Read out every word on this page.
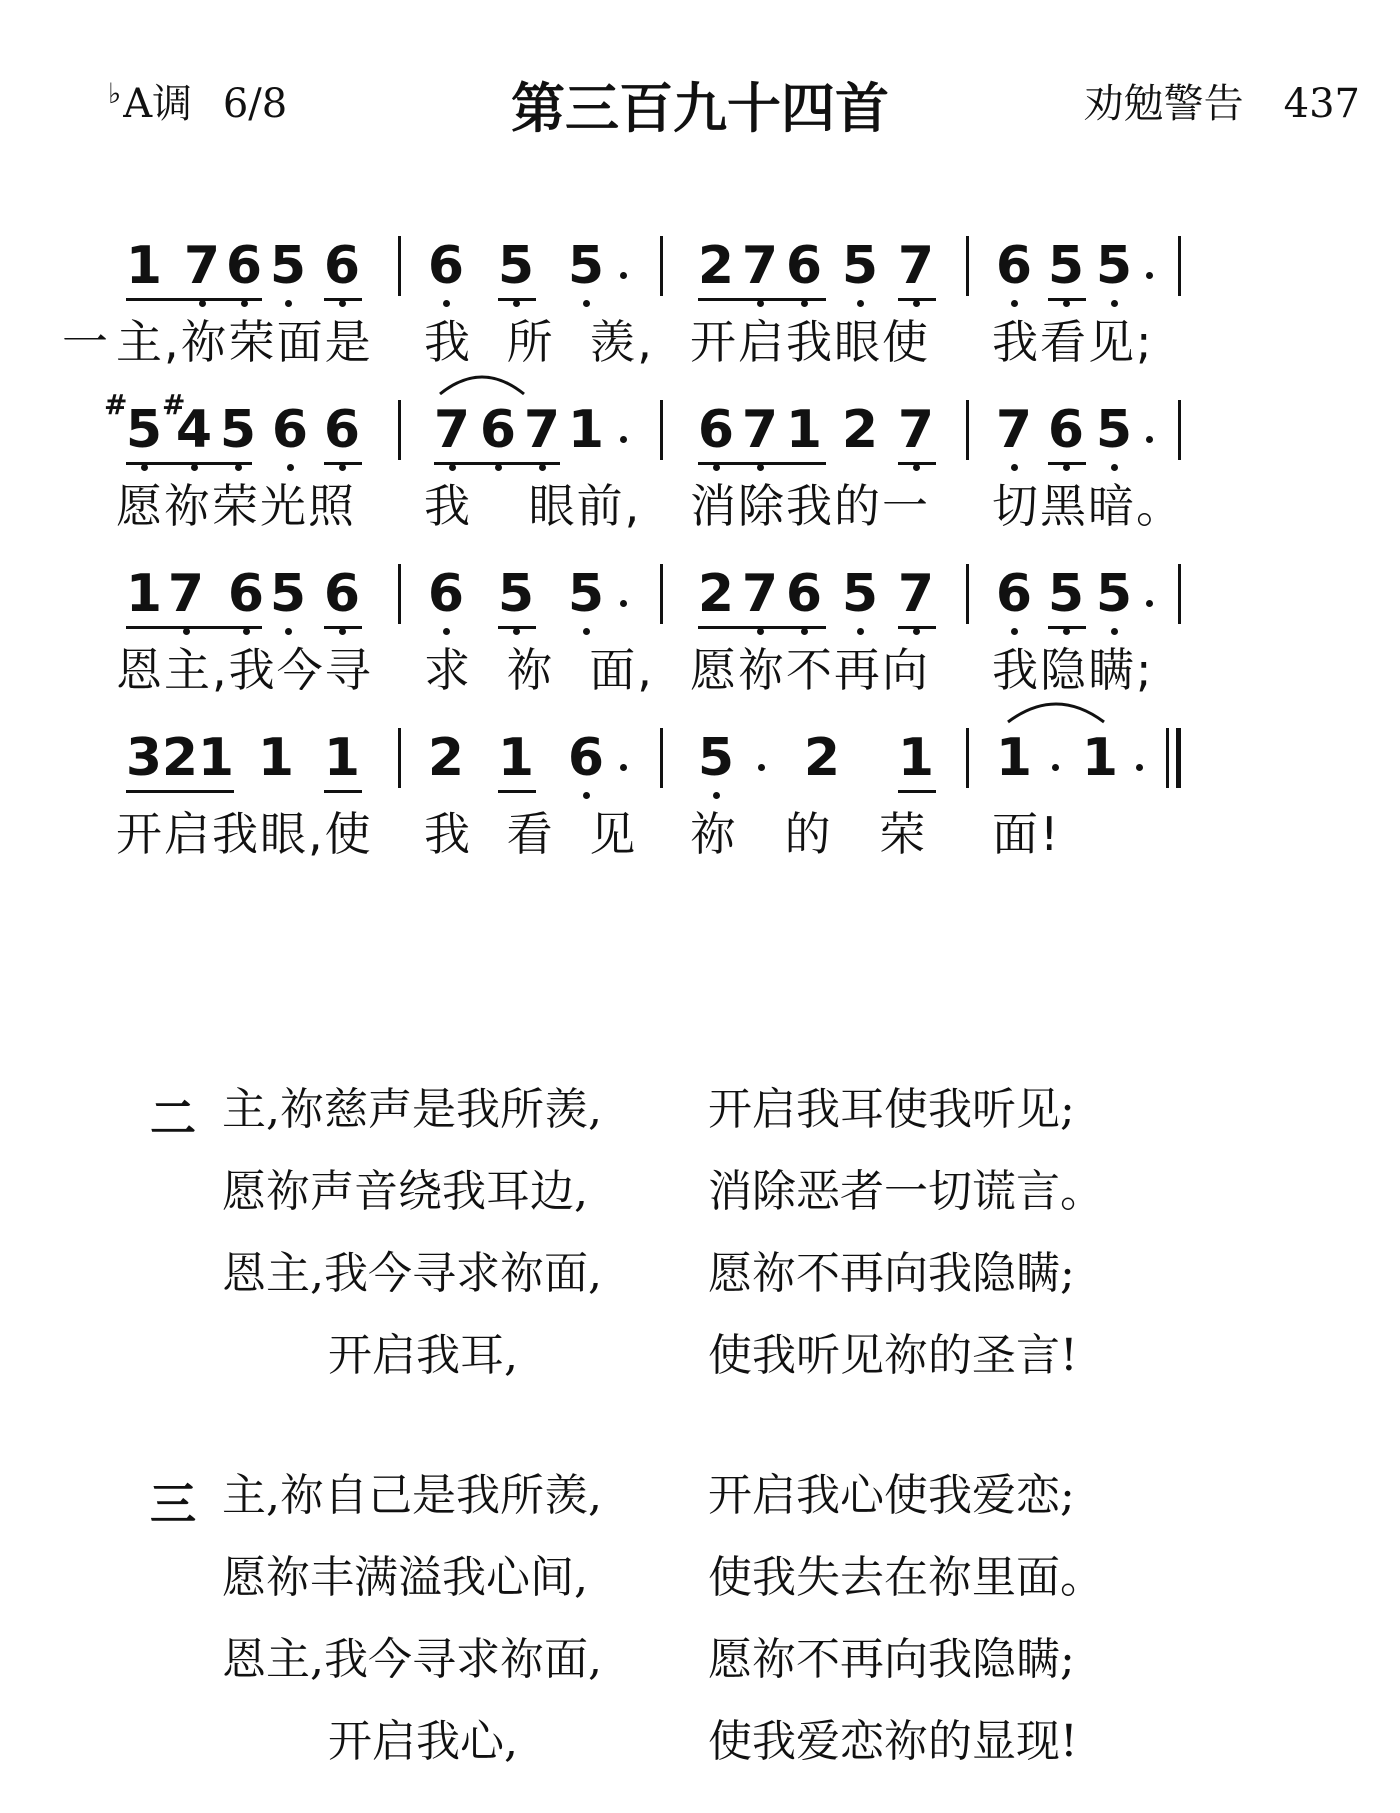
♭A调 6/8	第三百九十四首	劝勉警告 437
1 7 6 5 6 6 5 5 2 7 6 5 7 6 5 5
一 主,祢荣面是 我 所 羡, 开启我眼使 我看见;
#
5 #
4 5 6 6 7 6 7 1 6 7 1 2 7 7 6 5
愿祢荣光照 我 眼前, 消除我的一 切黑暗。
1 7 6 5 6 6 5 5 2 7 6 5 7 6 5 5
恩主,我今寻 求 祢 面, 愿祢不再向 我隐瞒;
3 2 1 1 1 2 1 6 5 2 1 1 1
开启我眼,使 我 看 见 祢 的 荣 面!
二 主,祢慈声是我所羡, 开启我耳使我听见;
愿祢声音绕我耳边,	消除恶者一切谎言。
恩主,我今寻求祢面, 愿祢不再向我隐瞒;
开启我耳,	使我听见祢的圣言!
三 主,祢自己是我所羡, 开启我心使我爱恋;
愿祢丰满溢我心间,	使我失去在祢里面。
恩主,我今寻求祢面, 愿祢不再向我隐瞒;
开启我心,	使我爱恋祢的显现!
